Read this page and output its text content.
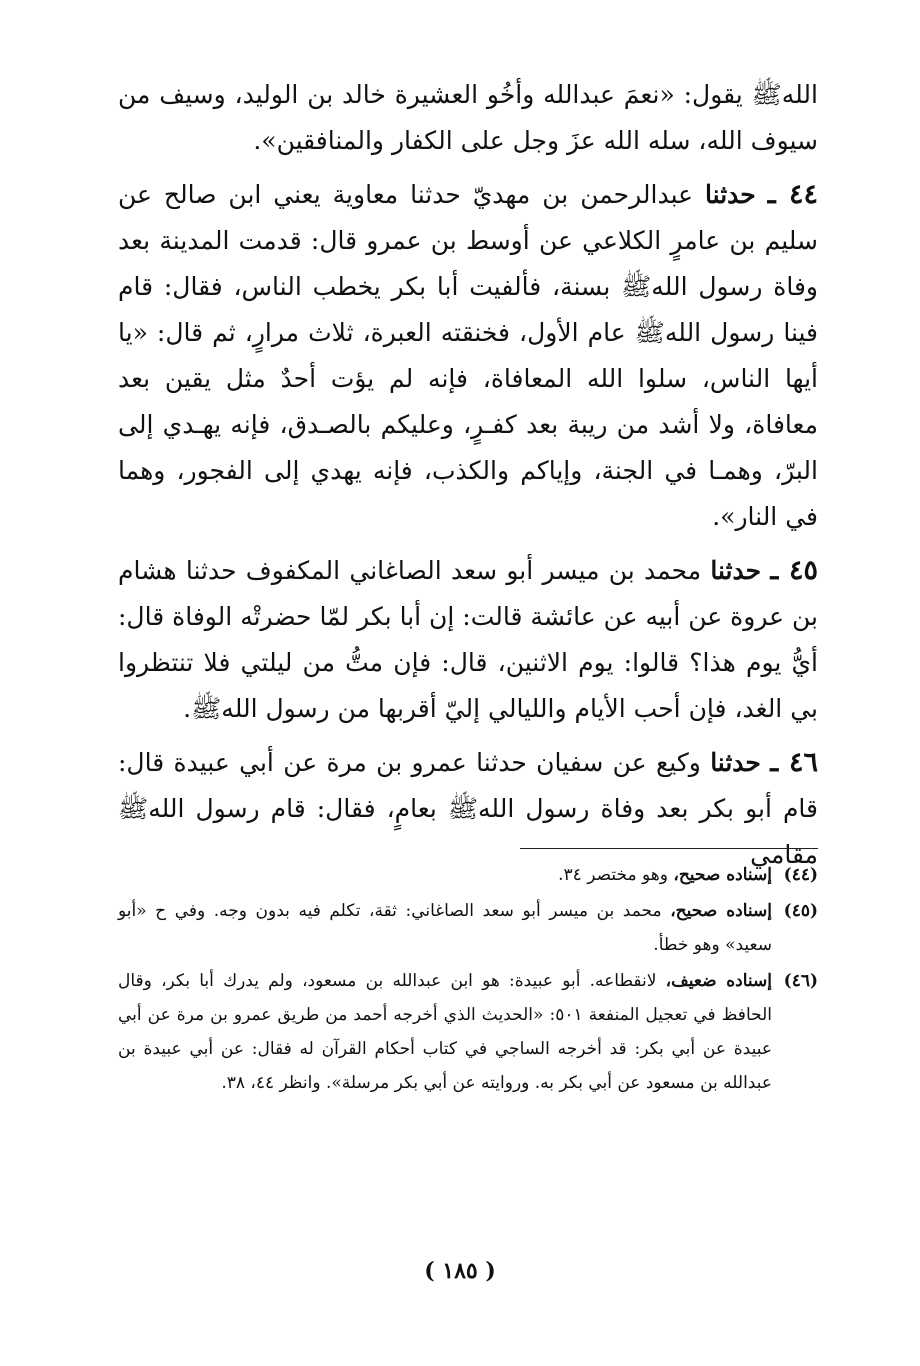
اللهﷺ يقول: «نعمَ عبدالله وأخُو العشيرة خالد بن الوليد، وسيف من سيوف الله، سله الله عزَ وجل على الكفار والمنافقين».

٤٤ ـ حدثنا عبدالرحمن بن مهديّ حدثنا معاوية يعني ابن صالح عن سليم بن عامرٍ الكلاعي عن أوسط بن عمرو قال: قدمت المدينة بعد وفاة رسول اللهﷺ بسنة، فألفيت أبا بكر يخطب الناس، فقال: قام فينا رسول اللهﷺ عام الأول، فخنقته العبرة، ثلاث مرارٍ، ثم قال: «يا أيها الناس، سلوا الله المعافاة، فإنه لم يؤت أحدٌ مثل يقين بعد معافاة، ولا أشد من ريبة بعد كفـرٍ، وعليكم بالصـدق، فإنه يهـدي إلى البرّ، وهمـا في الجنة، وإياكم والكذب، فإنه يهدي إلى الفجور، وهما في النار».

٤٥ ـ حدثنا محمد بن ميسر أبو سعد الصاغاني المكفوف حدثنا هشام بن عروة عن أبيه عن عائشة قالت: إن أبا بكر لمّا حضرتْه الوفاة قال: أيُّ يوم هذا؟ قالوا: يوم الاثنين، قال: فإن متُّ من ليلتي فلا تنتظروا بي الغد، فإن أحب الأيام والليالي إليّ أقربها من رسول اللهﷺ.

٤٦ ـ حدثنا وكيع عن سفيان حدثنا عمرو بن مرة عن أبي عبيدة قال: قام أبو بكر بعد وفاة رسول اللهﷺ بعامٍ، فقال: قام رسول اللهﷺ مقامي

(٤٤)
إسناده صحيح، وهو مختصر ٣٤.
(٤٥)
إسناده صحيح، محمد بن ميسر أبو سعد الصاغاني: ثقة، تكلم فيه بدون وجه. وفي ح «أبو سعيد» وهو خطأ.
(٤٦)
إسناده ضعيف، لانقطاعه. أبو عبيدة: هو ابن عبدالله بن مسعود، ولم يدرك أبا بكر، وقال الحافظ في تعجيل المنفعة ٥٠١: «الحديث الذي أخرجه أحمد من طريق عمرو بن مرة عن أبي عبيدة عن أبي بكر: قد أخرجه الساجي في كتاب أحكام القرآن له فقال: عن أبي عبيدة بن عبدالله بن مسعود عن أبي بكر به. وروايته عن أبي بكر مرسلة». وانظر ٤٤، ٣٨.
( ١٨٥ )
